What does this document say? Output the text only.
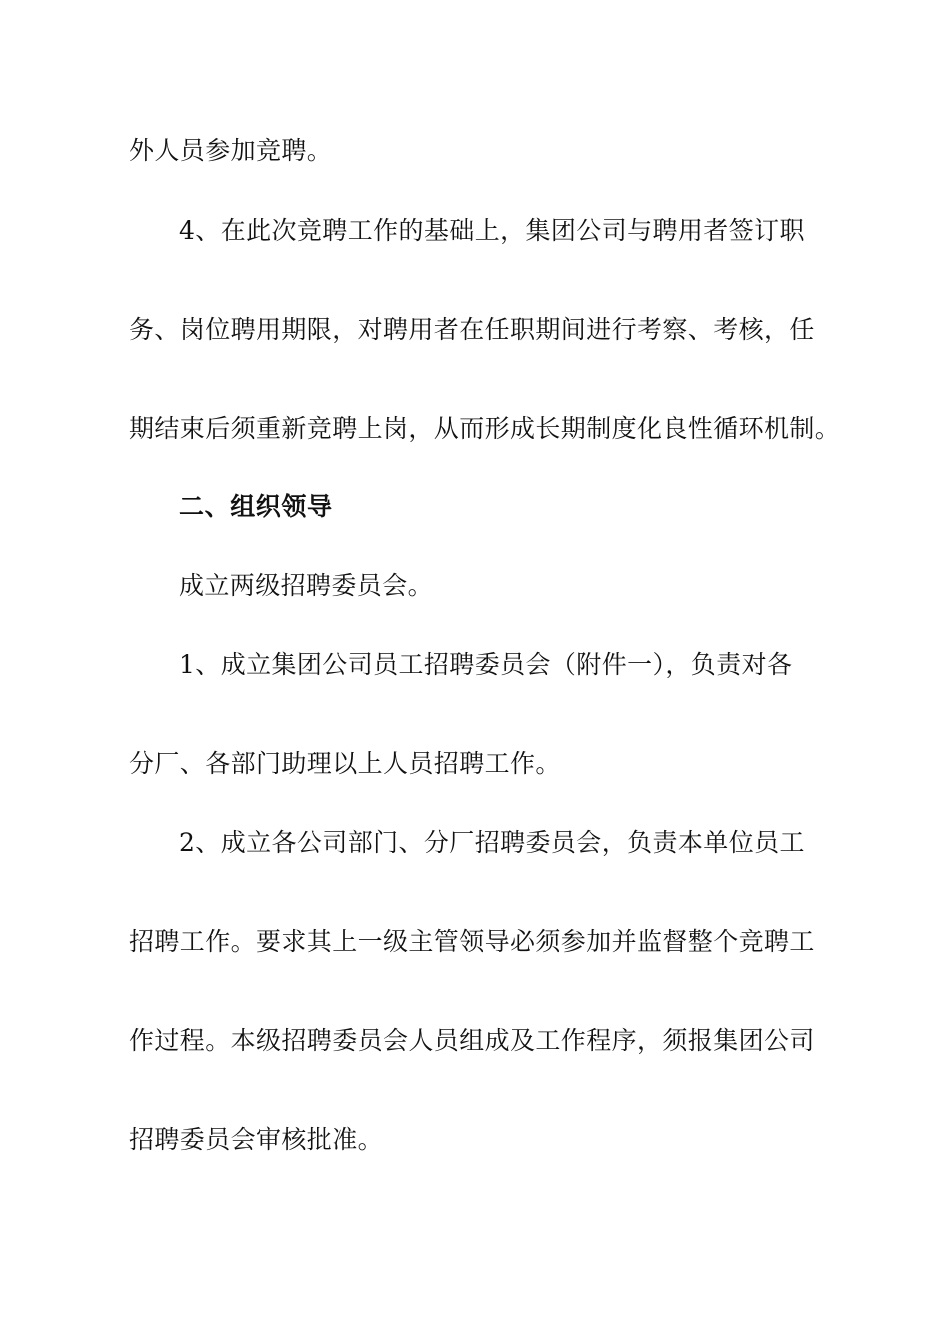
外人员参加竞聘。
4、在此次竞聘工作的基础上，集团公司与聘用者签订职
务、岗位聘用期限，对聘用者在任职期间进行考察、考核，任
期结束后须重新竞聘上岗，从而形成长期制度化良性循环机制。
二、组织领导
成立两级招聘委员会。
1、成立集团公司员工招聘委员会（附件一），负责对各
分厂、各部门助理以上人员招聘工作。
2、成立各公司部门、分厂招聘委员会，负责本单位员工
招聘工作。要求其上一级主管领导必须参加并监督整个竞聘工
作过程。本级招聘委员会人员组成及工作程序，须报集团公司
招聘委员会审核批准。
